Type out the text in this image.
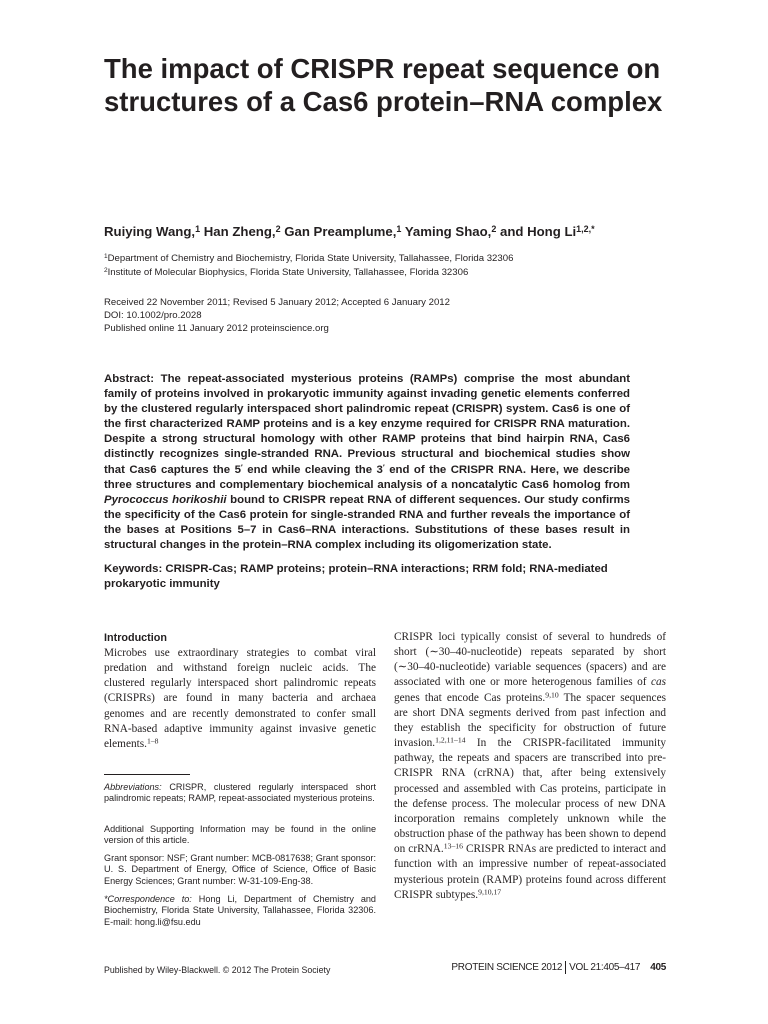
The impact of CRISPR repeat sequence on structures of a Cas6 protein–RNA complex
Ruiying Wang,$^1$ Han Zheng,$^2$ Gan Preamplume,$^1$ Yaming Shao,$^2$ and Hong $Li^{1,2,*}$
$^1$Department of Chemistry and Biochemistry, Florida State University, Tallahassee, Florida 32306
$^2$Institute of Molecular Biophysics, Florida State University, Tallahassee, Florida 32306
Received 22 November 2011; Revised 5 January 2012; Accepted 6 January 2012
DOI: 10.1002/pro.2028
Published online 11 January 2012 proteinscience.org
Abstract: The repeat-associated mysterious proteins (RAMPs) comprise the most abundant family of proteins involved in prokaryotic immunity against invading genetic elements conferred by the clustered regularly interspaced short palindromic repeat (CRISPR) system. Cas6 is one of the first characterized RAMP proteins and is a key enzyme required for CRISPR RNA maturation. Despite a strong structural homology with other RAMP proteins that bind hairpin RNA, Cas6 distinctly recognizes single-stranded RNA. Previous structural and biochemical studies show that Cas6 captures the 5′ end while cleaving the 3′ end of the CRISPR RNA. Here, we describe three structures and complementary biochemical analysis of a noncatalytic Cas6 homolog from Pyrococcus horikoshii bound to CRISPR repeat RNA of different sequences. Our study confirms the specificity of the Cas6 protein for single-stranded RNA and further reveals the importance of the bases at Positions 5–7 in Cas6–RNA interactions. Substitutions of these bases result in structural changes in the protein–RNA complex including its oligomerization state.
Keywords: CRISPR-Cas; RAMP proteins; protein–RNA interactions; RRM fold; RNA-mediated prokaryotic immunity
Introduction
Microbes use extraordinary strategies to combat viral predation and withstand foreign nucleic acids. The clustered regularly interspaced short palindromic repeats (CRISPRs) are found in many bacteria and archaea genomes and are recently demonstrated to confer small RNA-based adaptive immunity against invasive genetic elements.$^{1-8}$
Abbreviations: CRISPR, clustered regularly interspaced short palindromic repeats; RAMP, repeat-associated mysterious proteins.
Additional Supporting Information may be found in the online version of this article.
Grant sponsor: NSF; Grant number: MCB-0817638; Grant sponsor: U. S. Department of Energy, Office of Science, Office of Basic Energy Sciences; Grant number: W-31-109-Eng-38.
*Correspondence to: Hong Li, Department of Chemistry and Biochemistry, Florida State University, Tallahassee, Florida 32306. E-mail: hong.li@fsu.edu
CRISPR loci typically consist of several to hundreds of short (∼30–40-nucleotide) repeats separated by short (∼30–40-nucleotide) variable sequences (spacers) and are associated with one or more heterogenous families of cas genes that encode Cas proteins.$^{9,10}$ The spacer sequences are short DNA segments derived from past infection and they establish the specificity for obstruction of future invasion.$^{1,2,11-14}$ In the CRISPR-facilitated immunity pathway, the repeats and spacers are transcribed into pre-CRISPR RNA (crRNA) that, after being extensively processed and assembled with Cas proteins, participate in the defense process. The molecular process of new DNA incorporation remains completely unknown while the obstruction phase of the pathway has been shown to depend on crRNA.$^{13-16}$ CRISPR RNAs are predicted to interact and function with an impressive number of repeat-associated mysterious protein (RAMP) proteins found across different CRISPR subtypes.$^{9,10,17}$
Published by Wiley-Blackwell. © 2012 The Protein Society	PROTEIN SCIENCE 2012 VOL 21:405–417 405
